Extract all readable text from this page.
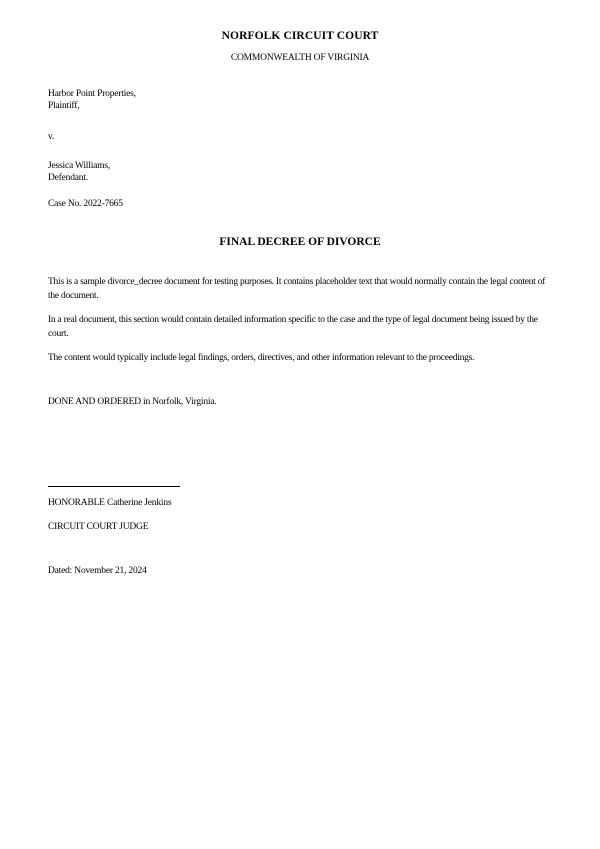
NORFOLK CIRCUIT COURT
COMMONWEALTH OF VIRGINIA
Harbor Point Properties,
Plaintiff,
v.
Jessica Williams,
Defendant.
Case No. 2022-7665
FINAL DECREE OF DIVORCE
This is a sample divorce_decree document for testing purposes. It contains placeholder text that would normally contain the legal content of the document.
In a real document, this section would contain detailed information specific to the case and the type of legal document being issued by the court.
The content would typically include legal findings, orders, directives, and other information relevant to the proceedings.
DONE AND ORDERED in Norfolk, Virginia.
HONORABLE Catherine Jenkins
CIRCUIT COURT JUDGE
Dated: November 21, 2024
